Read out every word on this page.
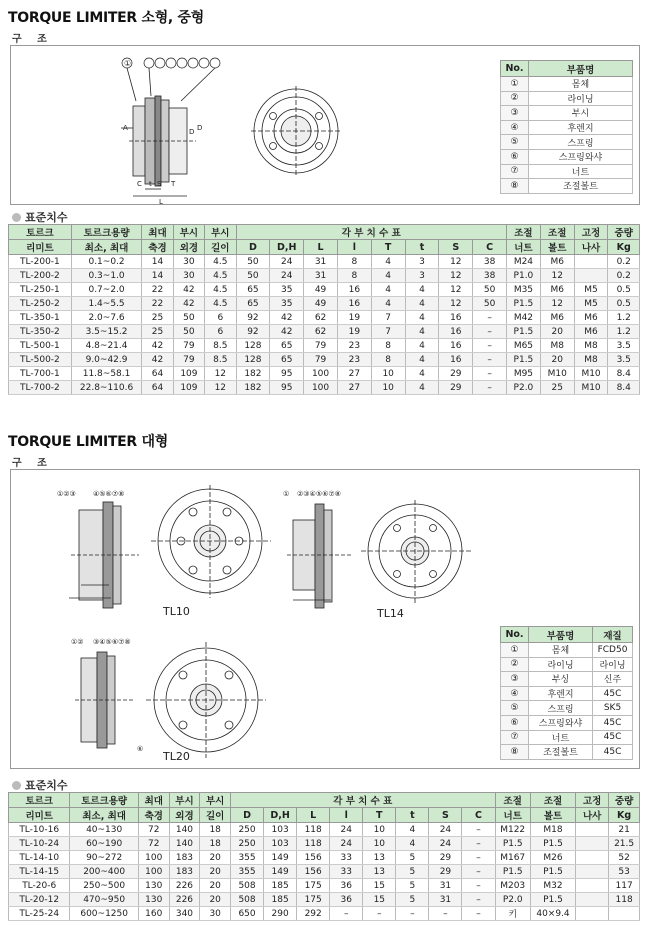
TORQUE LIMITER 소형, 중형
구 조
①
A	D D
S
t	T
L
C
No.	부품명
①	몸체
②	라이닝
③	부시
④	후렌지
⑤	스프링
⑥	스프링와샤
⑦	너트
⑧	조절볼트
표준치수
토르크	토르크용량	최대	부시	부시	각 부 치 수 표								조절	조절	고정	중량
리미트	최소, 최대	축경	외경	길이	D	D,H	L	l	T	t	S	C	너트	볼트	나사	Kg
TL-200-1	0.1~0.2	14	30	4.5	50	24	31	8	4	3	12	38	M24	M6		0.2
TL-200-2	0.3~1.0	14	30	4.5	50	24	31	8	4	3	12	38	P1.0	12		0.2
TL-250-1	0.7~2.0	22	42	4.5	65	35	49	16	4	4	12	50	M35	M6	M5	0.5
TL-250-2	1.4~5.5	22	42	4.5	65	35	49	16	4	4	12	50	P1.5	12	M5	0.5
TL-350-1	2.0~7.6	25	50	6	92	42	62	19	7	4	16	–	M42	M6	M6	1.2
TL-350-2	3.5~15.2	25	50	6	92	42	62	19	7	4	16	–	P1.5	20	M6	1.2
TL-500-1	4.8~21.4	42	79	8.5	128	65	79	23	8	4	16	–	M65	M8	M8	3.5
TL-500-2	9.0~42.9	42	79	8.5	128	65	79	23	8	4	16	–	P1.5	20	M8	3.5
TL-700-1	11.8~58.1	64	109	12	182	95	100	27	10	4	29	–	M95	M10	M10	8.4
TL-700-2	22.8~110.6	64	109	12	182	95	100	27	10	4	29	–	P2.0	25	M10	8.4
TORQUE LIMITER 대형
구 조
①②③ ④⑤⑥⑦⑧	① ②③④⑤⑥⑦⑧
①② ③④⑤⑥⑦⑧
⑥
TL10	TL14
TL20
No.	부품명	재질
①	몸체	FCD50
②	라이닝	라이닝
③	부싱	신주
④	후렌지	45C
⑤	스프링	SK5
⑥	스프링와샤	45C
⑦	너트	45C
⑧	조절볼트	45C
표준치수
토르크	토르크용량	최대	부시	부시	각 부 치 수 표								조절	조절	고정	중량
리미트	최소, 최대	축경	외경	길이	D	D,H	L	l	T	t	S	C	너트	볼트	나사	Kg
TL-10-16	40~130	72	140	18	250	103	118	24	10	4	24	–	M122	M18		21
TL-10-24	60~190	72	140	18	250	103	118	24	10	4	24	–	P1.5	P1.5		21.5
TL-14-10	90~272	100	183	20	355	149	156	33	13	5	29	–	M167	M26		52
TL-14-15	200~400	100	183	20	355	149	156	33	13	5	29	–	P1.5	P1.5		53
TL-20-6	250~500	130	226	20	508	185	175	36	15	5	31	–	M203	M32		117
TL-20-12	470~950	130	226	20	508	185	175	36	15	5	31	–	P2.0	P1.5		118
TL-25-24	600~1250	160	340	30	650	290	292	–	–	–	–	–	키	40×9.4		
